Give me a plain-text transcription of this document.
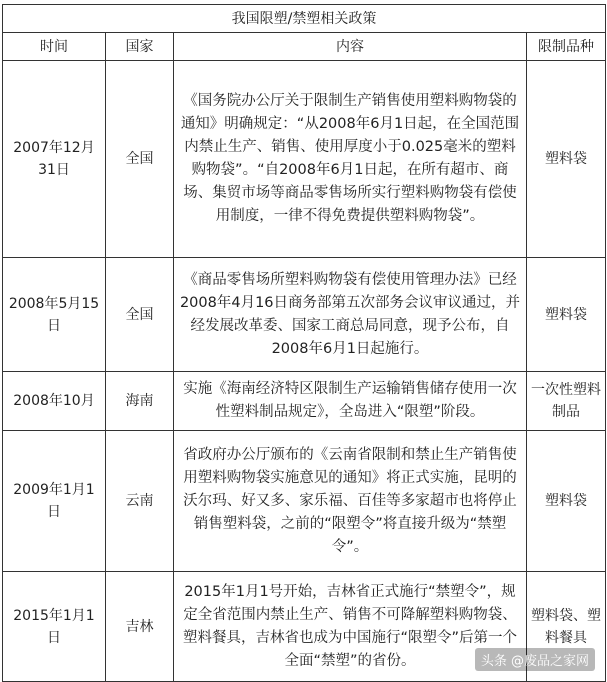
我国限塑/禁塑相关政策			
时间	国家	内容	限制品种
2007年12月31日	全国	《国务院办公厅关于限制生产销售使用塑料购物袋的通知》明确规定：“从2008年6月1日起，在全国范围内禁止生产、销售、使用厚度小于0.025毫米的塑料购物袋”。“自2008年6月1日起，在所有超市、商场、集贸市场等商品零售场所实行塑料购物袋有偿使用制度，一律不得免费提供塑料购物袋”。	塑料袋
2008年5月15日	全国	《商品零售场所塑料购物袋有偿使用管理办法》已经2008年4月16日商务部第五次部务会议审议通过，并经发展改革委、国家工商总局同意，现予公布，自2008年6月1日起施行。	塑料袋
2008年10月	海南	实施《海南经济特区限制生产运输销售储存使用一次性塑料制品规定》，全岛进入“限塑”阶段。	一次性塑料制品
2009年1月1日	云南	省政府办公厅颁布的《云南省限制和禁止生产销售使用塑料购物袋实施意见的通知》将正式实施，昆明的沃尔玛、好又多、家乐福、百佳等多家超市也将停止销售塑料袋，之前的“限塑令”将直接升级为“禁塑令”。	塑料袋
2015年1月1日	吉林	2015年1月1号开始，吉林省正式施行“禁塑令”，规定全省范围内禁止生产、销售不可降解塑料购物袋、塑料餐具，吉林省也成为中国施行“限塑令”后第一个全面“禁塑”的省份。	塑料袋、塑料餐具
头条 @废品之家网
